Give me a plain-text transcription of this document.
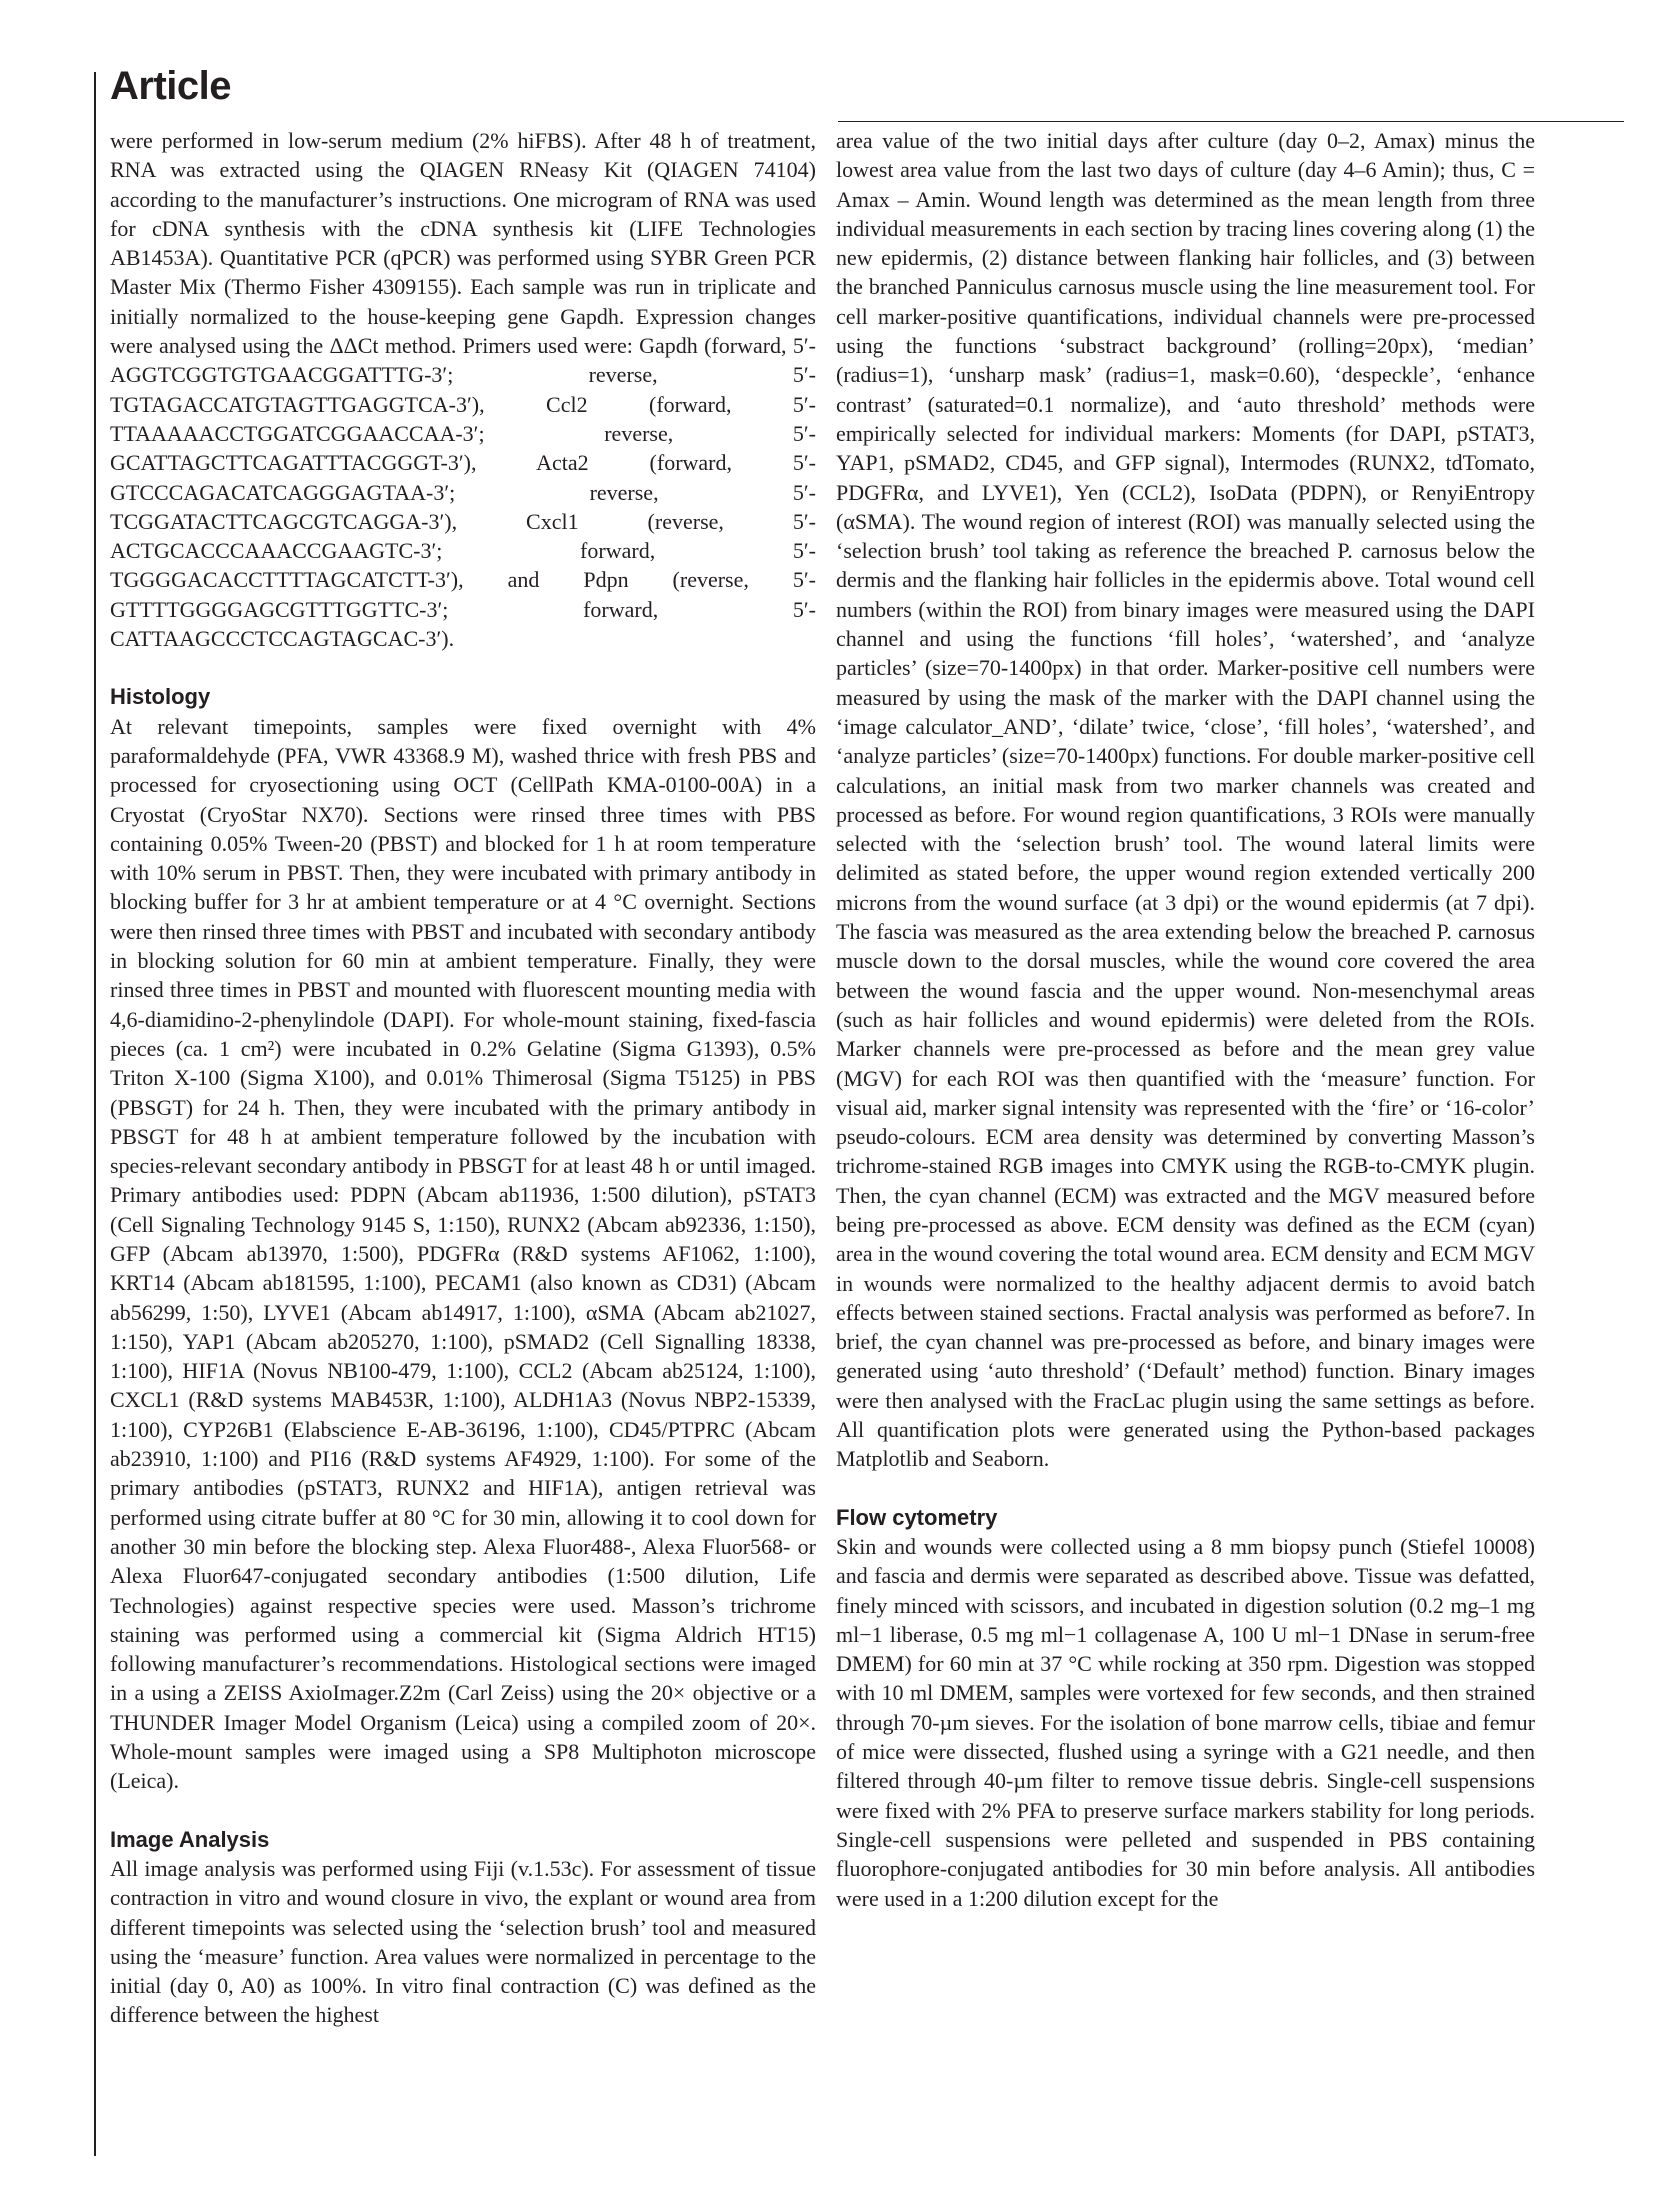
Article

were performed in low-serum medium (2% hiFBS). After 48 h of treatment, RNA was extracted using the QIAGEN RNeasy Kit (QIAGEN 74104) according to the manufacturer’s instructions. One microgram of RNA was used for cDNA synthesis with the cDNA synthesis kit (LIFE Technologies AB1453A). Quantitative PCR (qPCR) was performed using SYBR Green PCR Master Mix (Thermo Fisher 4309155). Each sample was run in triplicate and initially normalized to the house-keeping gene Gapdh. Expression changes were analysed using the ΔΔCt method. Primers used were: Gapdh (forward, 5′-AGGTCGGTGTGAACGGATTTG-3′; reverse, 5′-TGTAGACCATGTAGTTGAGGTCA-3′), Ccl2 (forward, 5′-TTAAAAACCTGGATCGGAACCAA-3′; reverse, 5′-GCATTAGCTTCAGATTTACGGGT-3′), Acta2 (forward, 5′- GTCCCAGACATCAGGGAGTAA-3′; reverse, 5′-TCGGATACTTCAGCGTCAGGA-3′), Cxcl1 (reverse, 5′-ACTGCACCCAAACCGAAGTC-3′; forward, 5′-TGGGGACACCTTTTAGCATCTT-3′), and Pdpn (reverse, 5′-GTTTTGGGGAGCGTTTGGTTC-3′; forward, 5′-CATTAAGCCCTCCAGTAGCAC-3′).

Histology

At relevant timepoints, samples were fixed overnight with 4% paraformaldehyde (PFA, VWR 43368.9 M), washed thrice with fresh PBS and processed for cryosectioning using OCT (CellPath KMA-0100-00A) in a Cryostat (CryoStar NX70). Sections were rinsed three times with PBS containing 0.05% Tween-20 (PBST) and blocked for 1 h at room temperature with 10% serum in PBST. Then, they were incubated with primary antibody in blocking buffer for 3 hr at ambient temperature or at 4 °C overnight. Sections were then rinsed three times with PBST and incubated with secondary antibody in blocking solution for 60 min at ambient temperature. Finally, they were rinsed three times in PBST and mounted with fluorescent mounting media with 4,6-diamidino-2-phenylindole (DAPI). For whole-mount staining, fixed-fascia pieces (ca. 1 cm²) were incubated in 0.2% Gelatine (Sigma G1393), 0.5% Triton X-100 (Sigma X100), and 0.01% Thimerosal (Sigma T5125) in PBS (PBSGT) for 24 h. Then, they were incubated with the primary antibody in PBSGT for 48 h at ambient temperature followed by the incubation with species-relevant secondary antibody in PBSGT for at least 48 h or until imaged. Primary antibodies used: PDPN (Abcam ab11936, 1:500 dilution), pSTAT3 (Cell Signaling Technology 9145 S, 1:150), RUNX2 (Abcam ab92336, 1:150), GFP (Abcam ab13970, 1:500), PDGFRα (R&D systems AF1062, 1:100), KRT14 (Abcam ab181595, 1:100), PECAM1 (also known as CD31) (Abcam ab56299, 1:50), LYVE1 (Abcam ab14917, 1:100), αSMA (Abcam ab21027, 1:150), YAP1 (Abcam ab205270, 1:100), pSMAD2 (Cell Signalling 18338, 1:100), HIF1A (Novus NB100-479, 1:100), CCL2 (Abcam ab25124, 1:100), CXCL1 (R&D systems MAB453R, 1:100), ALDH1A3 (Novus NBP2-15339, 1:100), CYP26B1 (Elabscience E-AB-36196, 1:100), CD45/PTPRC (Abcam ab23910, 1:100) and PI16 (R&D systems AF4929, 1:100). For some of the primary antibodies (pSTAT3, RUNX2 and HIF1A), antigen retrieval was performed using citrate buffer at 80 °C for 30 min, allowing it to cool down for another 30 min before the blocking step. Alexa Fluor488-, Alexa Fluor568- or Alexa Fluor647-conjugated secondary antibodies (1:500 dilution, Life Technologies) against respective species were used. Masson’s trichrome staining was performed using a commercial kit (Sigma Aldrich HT15) following manufacturer’s recommendations. Histological sections were imaged in a using a ZEISS AxioImager.Z2m (Carl Zeiss) using the 20× objective or a THUNDER Imager Model Organism (Leica) using a compiled zoom of 20×. Whole-mount samples were imaged using a SP8 Multiphoton microscope (Leica).

Image Analysis

All image analysis was performed using Fiji (v.1.53c). For assessment of tissue contraction in vitro and wound closure in vivo, the explant or wound area from different timepoints was selected using the ‘selection brush’ tool and measured using the ‘measure’ function. Area values were normalized in percentage to the initial (day 0, A0) as 100%. In vitro final contraction (C) was defined as the difference between the highest

area value of the two initial days after culture (day 0–2, Amax) minus the lowest area value from the last two days of culture (day 4–6 Amin); thus, C = Amax – Amin. Wound length was determined as the mean length from three individual measurements in each section by tracing lines covering along (1) the new epidermis, (2) distance between flanking hair follicles, and (3) between the branched Panniculus carnosus muscle using the line measurement tool. For cell marker-positive quantifications, individual channels were pre-processed using the functions ‘substract background’ (rolling=20px), ‘median’ (radius=1), ‘unsharp mask’ (radius=1, mask=0.60), ‘despeckle’, ‘enhance contrast’ (saturated=0.1 normalize), and ‘auto threshold’ methods were empirically selected for individual markers: Moments (for DAPI, pSTAT3, YAP1, pSMAD2, CD45, and GFP signal), Intermodes (RUNX2, tdTomato, PDGFRα, and LYVE1), Yen (CCL2), IsoData (PDPN), or RenyiEntropy (αSMA). The wound region of interest (ROI) was manually selected using the ‘selection brush’ tool taking as reference the breached P. carnosus below the dermis and the flanking hair follicles in the epidermis above. Total wound cell numbers (within the ROI) from binary images were measured using the DAPI channel and using the functions ‘fill holes’, ‘watershed’, and ‘analyze particles’ (size=70-1400px) in that order. Marker-positive cell numbers were measured by using the mask of the marker with the DAPI channel using the ‘image calculator_AND’, ‘dilate’ twice, ‘close’, ‘fill holes’, ‘watershed’, and ‘analyze particles’ (size=70-1400px) functions. For double marker-positive cell calculations, an initial mask from two marker channels was created and processed as before. For wound region quantifications, 3 ROIs were manually selected with the ‘selection brush’ tool. The wound lateral limits were delimited as stated before, the upper wound region extended vertically 200 microns from the wound surface (at 3 dpi) or the wound epidermis (at 7 dpi). The fascia was measured as the area extending below the breached P. carnosus muscle down to the dorsal muscles, while the wound core covered the area between the wound fascia and the upper wound. Non-mesenchymal areas (such as hair follicles and wound epidermis) were deleted from the ROIs. Marker channels were pre-processed as before and the mean grey value (MGV) for each ROI was then quantified with the ‘measure’ function. For visual aid, marker signal intensity was represented with the ‘fire’ or ‘16-color’ pseudo-colours. ECM area density was determined by converting Masson’s trichrome-stained RGB images into CMYK using the RGB-to-CMYK plugin. Then, the cyan channel (ECM) was extracted and the MGV measured before being pre-processed as above. ECM density was defined as the ECM (cyan) area in the wound covering the total wound area. ECM density and ECM MGV in wounds were normalized to the healthy adjacent dermis to avoid batch effects between stained sections. Fractal analysis was performed as before7. In brief, the cyan channel was pre-processed as before, and binary images were generated using ‘auto threshold’ (‘Default’ method) function. Binary images were then analysed with the FracLac plugin using the same settings as before. All quantification plots were generated using the Python-based packages Matplotlib and Seaborn.

Flow cytometry

Skin and wounds were collected using a 8 mm biopsy punch (Stiefel 10008) and fascia and dermis were separated as described above. Tissue was defatted, finely minced with scissors, and incubated in digestion solution (0.2 mg–1 mg ml−1 liberase, 0.5 mg ml−1 collagenase A, 100 U ml−1 DNase in serum-free DMEM) for 60 min at 37 °C while rocking at 350 rpm. Digestion was stopped with 10 ml DMEM, samples were vortexed for few seconds, and then strained through 70-µm sieves. For the isolation of bone marrow cells, tibiae and femur of mice were dissected, flushed using a syringe with a G21 needle, and then filtered through 40-µm filter to remove tissue debris. Single-cell suspensions were fixed with 2% PFA to preserve surface markers stability for long periods. Single-cell suspensions were pelleted and suspended in PBS containing fluorophore-conjugated antibodies for 30 min before analysis. All antibodies were used in a 1:200 dilution except for the
